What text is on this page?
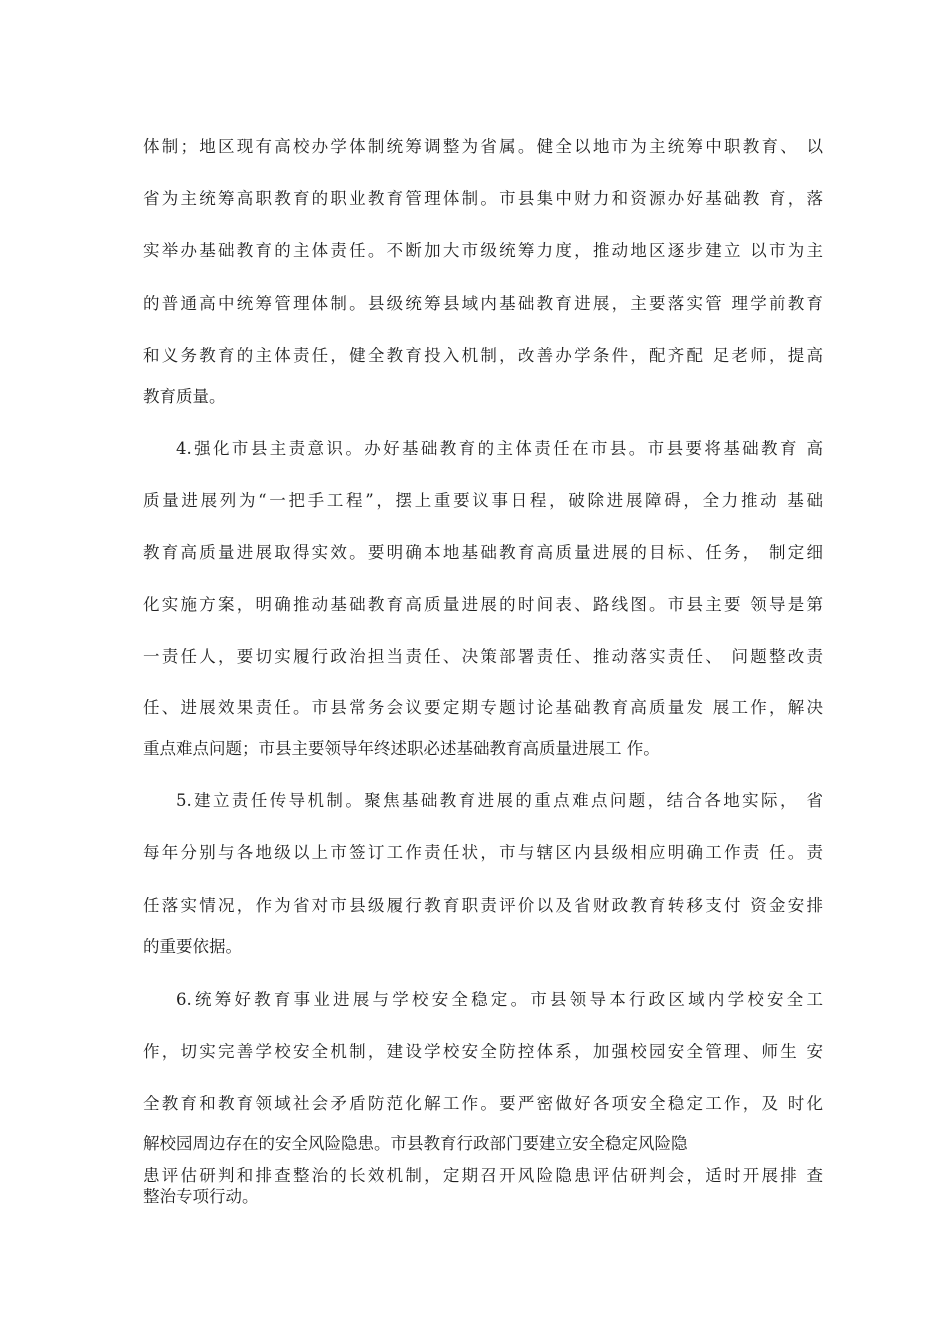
体制；地区现有高校办学体制统筹调整为省属。健全以地市为主统筹中职教育、 以

省为主统筹高职教育的职业教育管理体制。市县集中财力和资源办好基础教 育，落

实举办基础教育的主体责任。不断加大市级统筹力度，推动地区逐步建立 以市为主

的普通高中统筹管理体制。县级统筹县域内基础教育进展，主要落实管 理学前教育

和义务教育的主体责任，健全教育投入机制，改善办学条件，配齐配 足老师，提高

教育质量。

4.强化市县主责意识。办好基础教育的主体责任在市县。市县要将基础教育 高

质量进展列为“一把手工程”，摆上重要议事日程，破除进展障碍，全力推动 基础

教育高质量进展取得实效。要明确本地基础教育高质量进展的目标、任务， 制定细

化实施方案，明确推动基础教育高质量进展的时间表、路线图。市县主要 领导是第

一责任人，要切实履行政治担当责任、决策部署责任、推动落实责任、 问题整改责

任、进展效果责任。市县常务会议要定期专题讨论基础教育高质量发 展工作，解决

重点难点问题；市县主要领导年终述职必述基础教育高质量进展工 作。

5.建立责任传导机制。聚焦基础教育进展的重点难点问题，结合各地实际， 省

每年分别与各地级以上市签订工作责任状，市与辖区内县级相应明确工作责 任。责

任落实情况，作为省对市县级履行教育职责评价以及省财政教育转移支付 资金安排

的重要依据。

6.统筹好教育事业进展与学校安全稳定。市县领导本行政区域内学校安全工

作，切实完善学校安全机制，建设学校安全防控体系，加强校园安全管理、师生 安

全教育和教育领域社会矛盾防范化解工作。要严密做好各项安全稳定工作，及 时化

解校园周边存在的安全风险隐患。市县教育行政部门要建立安全稳定风险隐

患评估研判和排查整治的长效机制，定期召开风险隐患评估研判会，适时开展排 查

整治专项行动。
